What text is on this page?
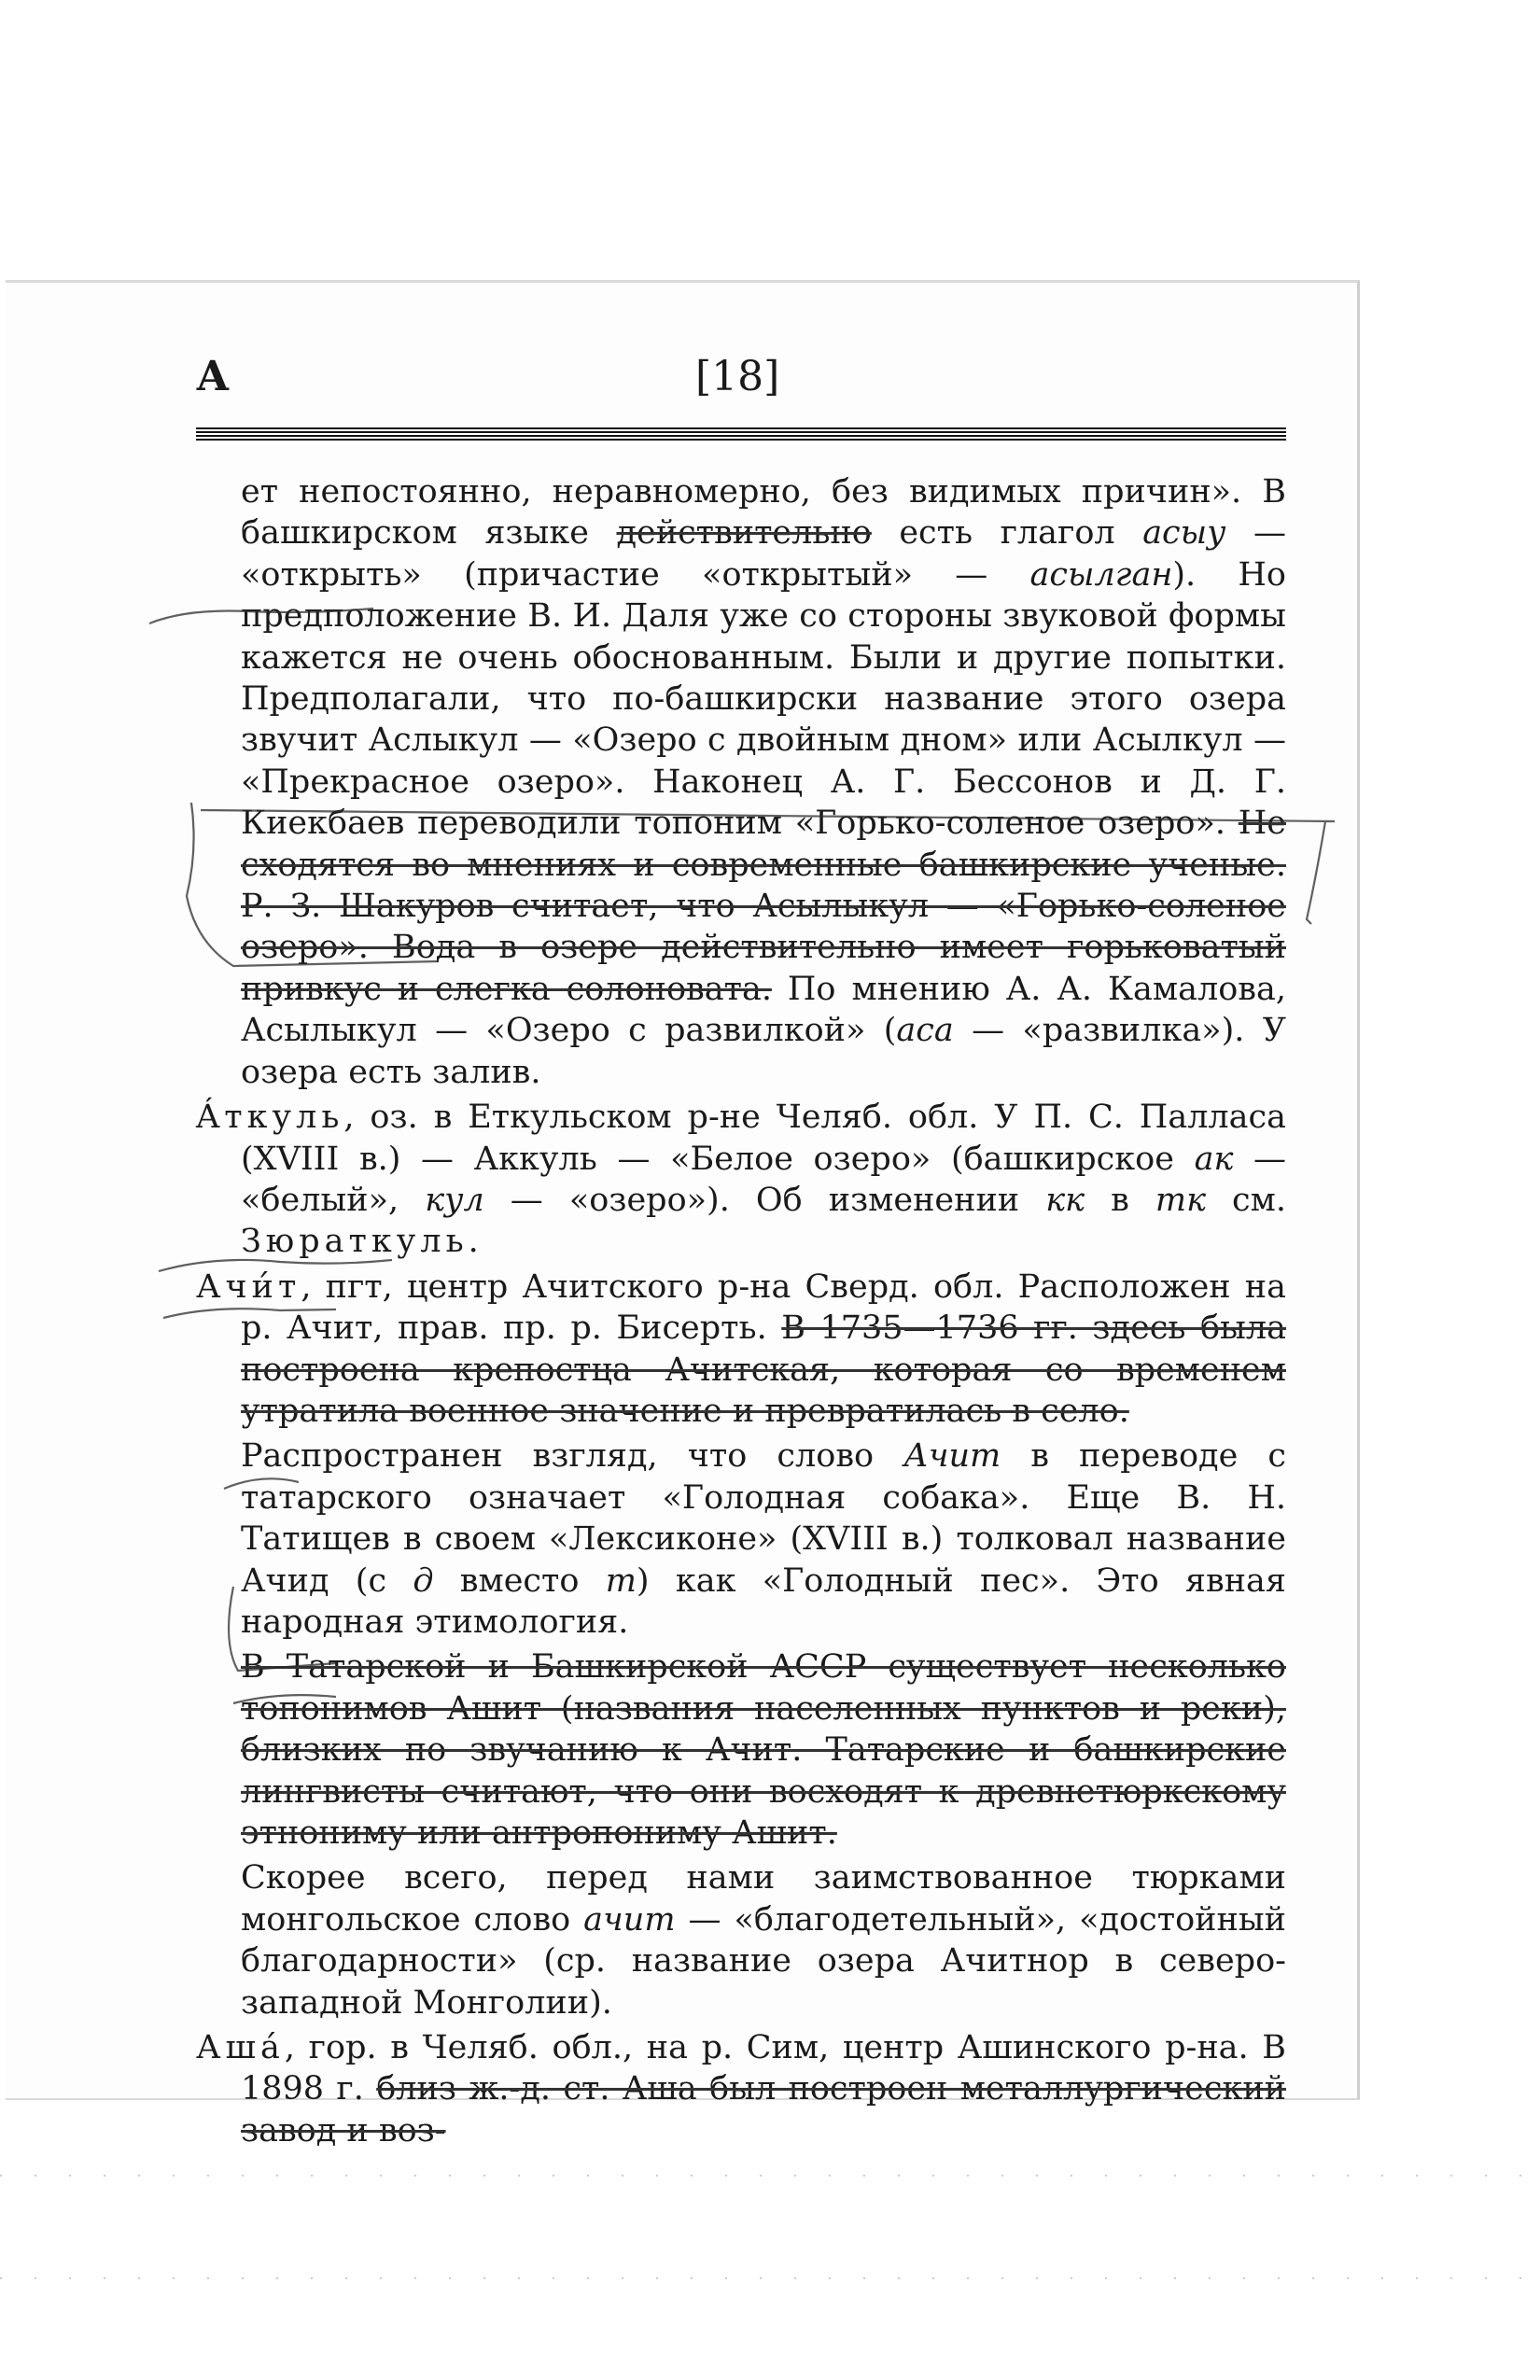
А	[18]

ет непостоянно, неравномерно, без видимых причин». В башкирском языке действительно есть глагол асыу — «открыть» (причастие «открытый» — асылган). Но предположение В. И. Даля уже со стороны звуковой формы кажется не очень обоснованным. Были и другие попытки. Предполагали, что по-башкирски название этого озера звучит Аслыкул — «Озеро с двойным дном» или Асылкул — «Прекрасное озеро». Наконец А. Г. Бессонов и Д. Г. Киекбаев переводили топоним «Горько-соленое озеро». Не сходятся во мнениях и современные башкирские ученые. Р. З. Шакуров считает, что Асылыкул — «Горько-соленое озеро». Вода в озере действительно имеет горьковатый привкус и слегка солоновата. По мнению А. А. Камалова, Асылыкул — «Озеро с развилкой» (аса — «развилка»). У озера есть залив.

Áткуль, оз. в Еткульском р-не Челяб. обл. У П. С. Палласа (XVIII в.) — Аккуль — «Белое озеро» (башкирское ак — «белый», кул — «озеро»). Об изменении кк в тк см. Зюраткуль.

Ачи́т, пгт, центр Ачитского р-на Сверд. обл. Расположен на р. Ачит, прав. пр. р. Бисерть. В 1735—1736 гг. здесь была построена крепостца Ачитская, которая со временем утратила военное значение и превратилась в село.

Распространен взгляд, что слово Ачит в переводе с татарского означает «Голодная собака». Еще В. Н. Татищев в своем «Лексиконе» (XVIII в.) толковал название Ачид (с д вместо т) как «Голодный пес». Это явная народная этимология.

В Татарской и Башкирской АССР существует несколько топонимов Ашит (названия населенных пунктов и реки), близких по звучанию к Ачит. Татарские и башкирские лингвисты считают, что они восходят к древнетюркскому этнониму или антропониму Ашит.

Скорее всего, перед нами заимствованное тюрками монгольское слово ачит — «благодетельный», «достойный благодарности» (ср. название озера Ачитнор в северо-западной Монголии).

Аша́, гор. в Челяб. обл., на р. Сим, центр Ашинского р-на. В 1898 г. близ ж.-д. ст. Аша был построен металлургический завод и воз-
